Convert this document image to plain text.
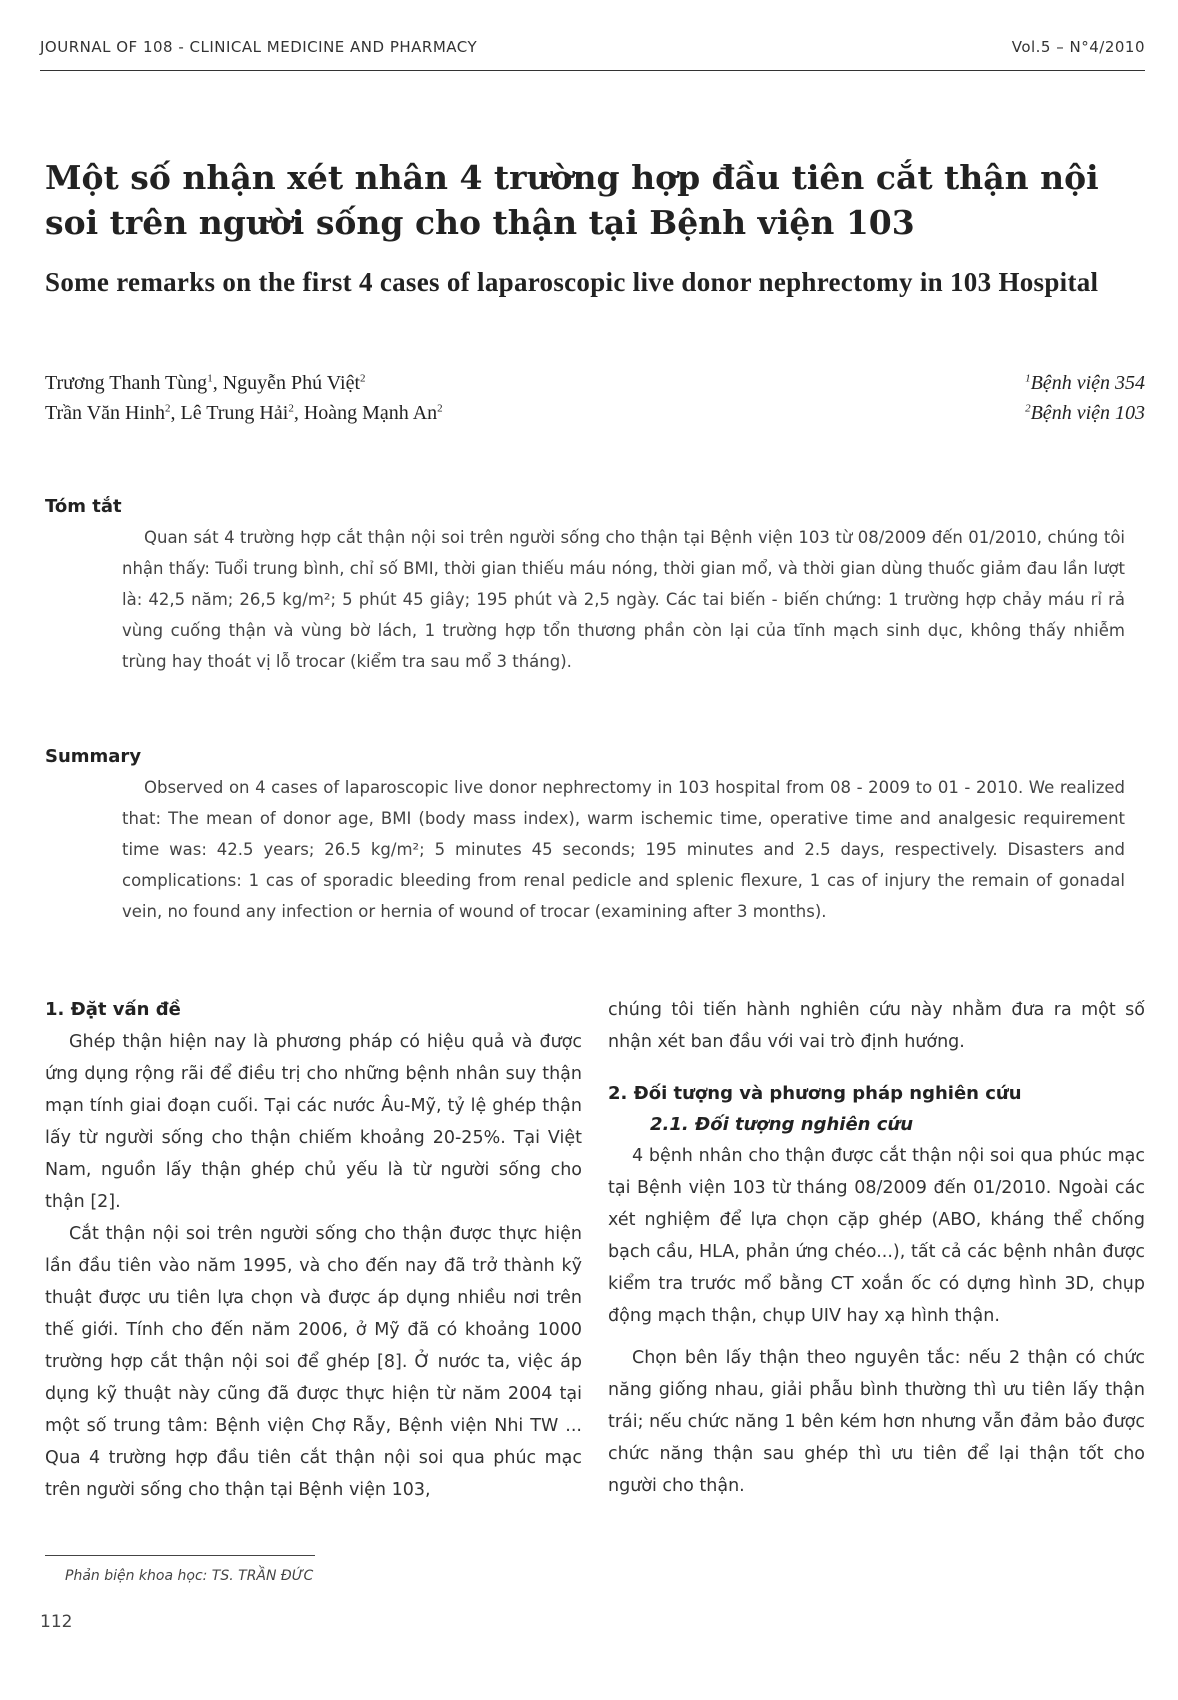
JOURNAL OF 108 - CLINICAL MEDICINE AND PHARMACY	Vol.5 – N°4/2010
Một số nhận xét nhân 4 trường hợp đầu tiên cắt thận nội soi trên người sống cho thận tại Bệnh viện 103
Some remarks on the first 4 cases of laparoscopic live donor nephrectomy in 103 Hospital
Trương Thanh Tùng$^1$, Nguyễn Phú Việt$^2$	$^1$Bệnh viện 354
Trần Văn Hinh$^2$, Lê Trung Hải$^2$, Hoàng Mạnh An$^2$	$^2$Bệnh viện 103
Tóm tắt

Quan sát 4 trường hợp cắt thận nội soi trên người sống cho thận tại Bệnh viện 103 từ 08/2009 đến 01/2010, chúng tôi nhận thấy: Tuổi trung bình, chỉ số BMI, thời gian thiếu máu nóng, thời gian mổ, và thời gian dùng thuốc giảm đau lần lượt là: 42,5 năm; 26,5 kg/m²; 5 phút 45 giây; 195 phút và 2,5 ngày. Các tai biến - biến chứng: 1 trường hợp chảy máu rỉ rả vùng cuống thận và vùng bờ lách, 1 trường hợp tổn thương phần còn lại của tĩnh mạch sinh dục, không thấy nhiễm trùng hay thoát vị lỗ trocar (kiểm tra sau mổ 3 tháng).

Summary

Observed on 4 cases of laparoscopic live donor nephrectomy in 103 hospital from 08 - 2009 to 01 - 2010. We realized that: The mean of donor age, BMI (body mass index), warm ischemic time, operative time and analgesic requirement time was: 42.5 years; 26.5 kg/m²; 5 minutes 45 seconds; 195 minutes and 2.5 days, respectively. Disasters and complications: 1 cas of sporadic bleeding from renal pedicle and splenic flexure, 1 cas of injury the remain of gonadal vein, no found any infection or hernia of wound of trocar (examining after 3 months).

1. Đặt vấn đề

Ghép thận hiện nay là phương pháp có hiệu quả và được ứng dụng rộng rãi để điều trị cho những bệnh nhân suy thận mạn tính giai đoạn cuối. Tại các nước Âu-Mỹ, tỷ lệ ghép thận lấy từ người sống cho thận chiếm khoảng 20-25%. Tại Việt Nam, nguồn lấy thận ghép chủ yếu là từ người sống cho thận [2].

Cắt thận nội soi trên người sống cho thận được thực hiện lần đầu tiên vào năm 1995, và cho đến nay đã trở thành kỹ thuật được ưu tiên lựa chọn và được áp dụng nhiều nơi trên thế giới. Tính cho đến năm 2006, ở Mỹ đã có khoảng 1000 trường hợp cắt thận nội soi để ghép [8]. Ở nước ta, việc áp dụng kỹ thuật này cũng đã được thực hiện từ năm 2004 tại một số trung tâm: Bệnh viện Chợ Rẫy, Bệnh viện Nhi TW ... Qua 4 trường hợp đầu tiên cắt thận nội soi qua phúc mạc trên người sống cho thận tại Bệnh viện 103,

chúng tôi tiến hành nghiên cứu này nhằm đưa ra một số nhận xét ban đầu với vai trò định hướng.

2. Đối tượng và phương pháp nghiên cứu
2.1. Đối tượng nghiên cứu

4 bệnh nhân cho thận được cắt thận nội soi qua phúc mạc tại Bệnh viện 103 từ tháng 08/2009 đến 01/2010. Ngoài các xét nghiệm để lựa chọn cặp ghép (ABO, kháng thể chống bạch cầu, HLA, phản ứng chéo...), tất cả các bệnh nhân được kiểm tra trước mổ bằng CT xoắn ốc có dựng hình 3D, chụp động mạch thận, chụp UIV hay xạ hình thận.

Chọn bên lấy thận theo nguyên tắc: nếu 2 thận có chức năng giống nhau, giải phẫu bình thường thì ưu tiên lấy thận trái; nếu chức năng 1 bên kém hơn nhưng vẫn đảm bảo được chức năng thận sau ghép thì ưu tiên để lại thận tốt cho người cho thận.

Phản biện khoa học: TS. TRẦN ĐỨC
112
